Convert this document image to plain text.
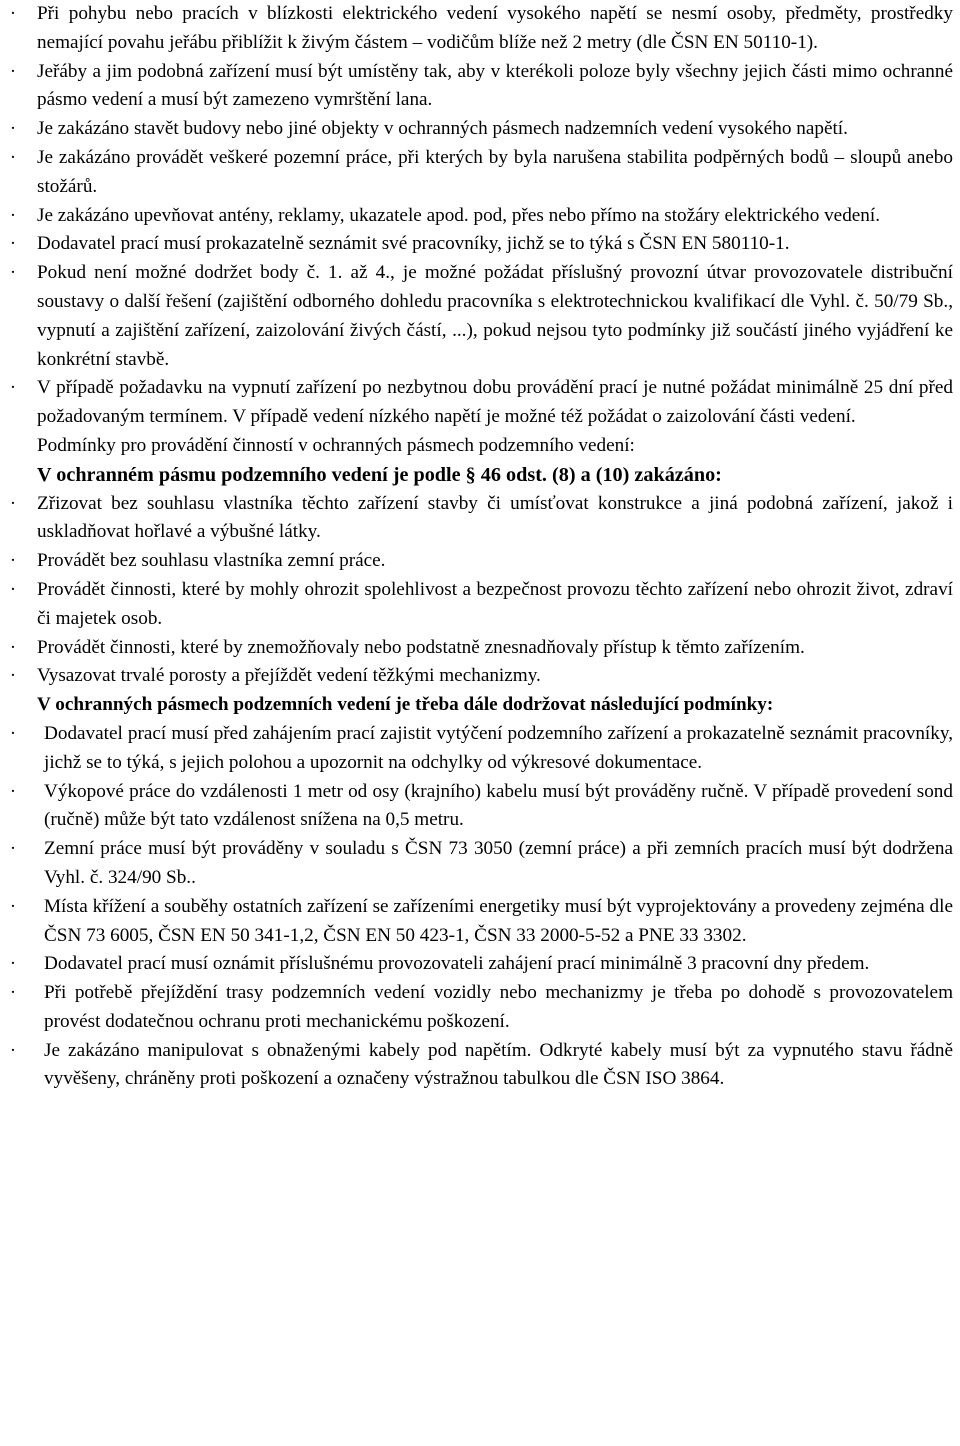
· Při pohybu nebo pracích v blízkosti elektrického vedení vysokého napětí se nesmí osoby, předměty, prostředky nemající povahu jeřábu přiblížit k živým částem – vodičům blíže než 2 metry (dle ČSN EN 50110-1).
· Jeřáby a jim podobná zařízení musí být umístěny tak, aby v kterékoli poloze byly všechny jejich části mimo ochranné pásmo vedení a musí být zamezeno vymrštění lana.
· Je zakázáno stavět budovy nebo jiné objekty v ochranných pásmech nadzemních vedení vysokého napětí.
· Je zakázáno provádět veškeré pozemní práce, při kterých by byla narušena stabilita podpěrných bodů – sloupů anebo stožárů.
· Je zakázáno upevňovat antény, reklamy, ukazatele apod. pod, přes nebo přímo na stožáry elektrického vedení.
· Dodavatel prací musí prokazatelně seznámit své pracovníky, jichž se to týká s ČSN EN 580110-1.
· Pokud není možné dodržet body č. 1. až 4., je možné požádat příslušný provozní útvar provozovatele distribuční soustavy o další řešení (zajištění odborného dohledu pracovníka s elektrotechnickou kvalifikací dle Vyhl. č. 50/79 Sb., vypnutí a zajištění zařízení, zaizolování živých částí, ...), pokud nejsou tyto podmínky již součástí jiného vyjádření ke konkrétní stavbě.
· V případě požadavku na vypnutí zařízení po nezbytnou dobu provádění prací je nutné požádat minimálně 25 dní před požadovaným termínem. V případě vedení nízkého napětí je možné též požádat o zaizolování části vedení.

Podmínky pro provádění činností v ochranných pásmech podzemního vedení:

V ochranném pásmu podzemního vedení je podle § 46 odst. (8) a (10) zakázáno:

· Zřizovat bez souhlasu vlastníka těchto zařízení stavby či umísťovat konstrukce a jiná podobná zařízení, jakož i uskladňovat hořlavé a výbušné látky.
· Provádět bez souhlasu vlastníka zemní práce.
· Provádět činnosti, které by mohly ohrozit spolehlivost a bezpečnost provozu těchto zařízení nebo ohrozit život, zdraví či majetek osob.
· Provádět činnosti, které by znemožňovaly nebo podstatně znesnadňovaly přístup k těmto zařízením.
· Vysazovat trvalé porosty a přejíždět vedení těžkými mechanizmy.

V ochranných pásmech podzemních vedení je třeba dále dodržovat následující podmínky:

· Dodavatel prací musí před zahájením prací zajistit vytýčení podzemního zařízení a prokazatelně seznámit pracovníky, jichž se to týká, s jejich polohou a upozornit na odchylky od výkresové dokumentace.
· Výkopové práce do vzdálenosti 1 metr od osy (krajního) kabelu musí být prováděny ručně. V případě provedení sond (ručně) může být tato vzdálenost snížena na 0,5 metru.
· Zemní práce musí být prováděny v souladu s ČSN 73 3050 (zemní práce) a při zemních pracích musí být dodržena Vyhl. č. 324/90 Sb..
· Místa křížení a souběhy ostatních zařízení se zařízeními energetiky musí být vyprojektovány a provedeny zejména dle ČSN 73 6005, ČSN EN 50 341-1,2, ČSN EN 50 423-1, ČSN 33 2000-5-52 a PNE 33 3302.
· Dodavatel prací musí oznámit příslušnému provozovateli zahájení prací minimálně 3 pracovní dny předem.
· Při potřebě přejíždění trasy podzemních vedení vozidly nebo mechanizmy je třeba po dohodě s provozovatelem provést dodatečnou ochranu proti mechanickému poškození.
· Je zakázáno manipulovat s obnaženými kabely pod napětím. Odkryté kabely musí být za vypnutého stavu řádně vyvěšeny, chráněny proti poškození a označeny výstražnou tabulkou dle ČSN ISO 3864.
